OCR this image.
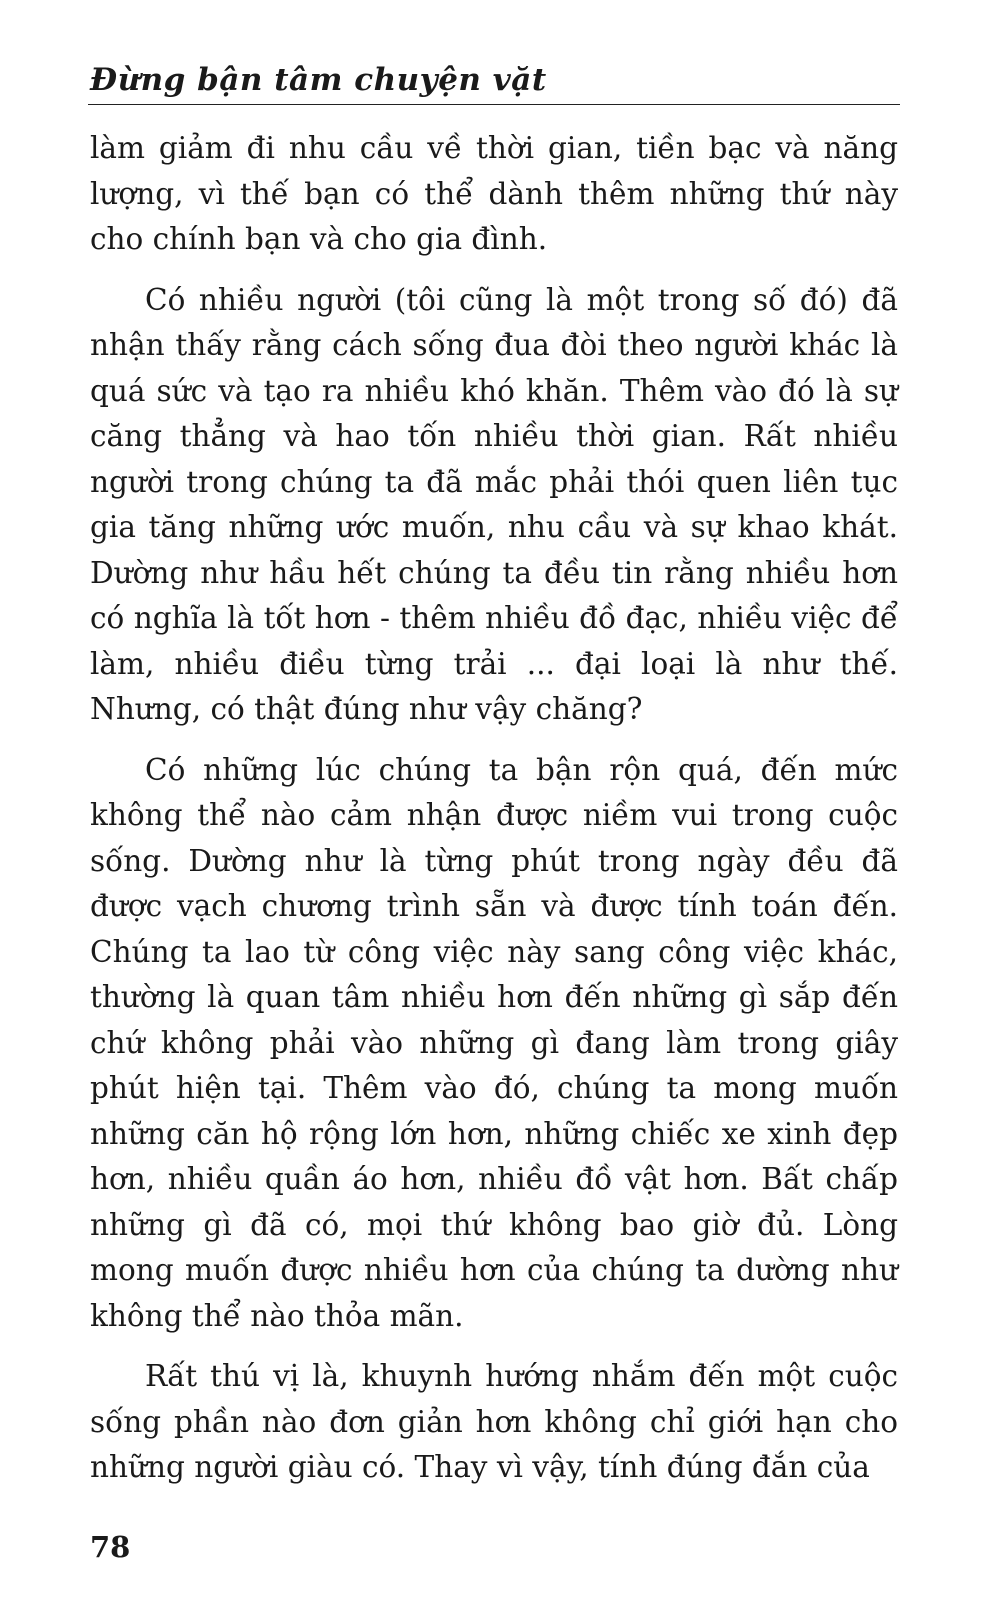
Đừng bận tâm chuyện vặt

làm giảm đi nhu cầu về thời gian, tiền bạc và năng lượng, vì thế bạn có thể dành thêm những thứ này cho chính bạn và cho gia đình.

Có nhiều người (tôi cũng là một trong số đó) đã nhận thấy rằng cách sống đua đòi theo người khác là quá sức và tạo ra nhiều khó khăn. Thêm vào đó là sự căng thẳng và hao tốn nhiều thời gian. Rất nhiều người trong chúng ta đã mắc phải thói quen liên tục gia tăng những ước muốn, nhu cầu và sự khao khát. Dường như hầu hết chúng ta đều tin rằng nhiều hơn có nghĩa là tốt hơn - thêm nhiều đồ đạc, nhiều việc để làm, nhiều điều từng trải ... đại loại là như thế. Nhưng, có thật đúng như vậy chăng?

Có những lúc chúng ta bận rộn quá, đến mức không thể nào cảm nhận được niềm vui trong cuộc sống. Dường như là từng phút trong ngày đều đã được vạch chương trình sẵn và được tính toán đến. Chúng ta lao từ công việc này sang công việc khác, thường là quan tâm nhiều hơn đến những gì sắp đến chứ không phải vào những gì đang làm trong giây phút hiện tại. Thêm vào đó, chúng ta mong muốn những căn hộ rộng lớn hơn, những chiếc xe xinh đẹp hơn, nhiều quần áo hơn, nhiều đồ vật hơn. Bất chấp những gì đã có, mọi thứ không bao giờ đủ. Lòng mong muốn được nhiều hơn của chúng ta dường như không thể nào thỏa mãn.

Rất thú vị là, khuynh hướng nhắm đến một cuộc sống phần nào đơn giản hơn không chỉ giới hạn cho những người giàu có. Thay vì vậy, tính đúng đắn của

78
